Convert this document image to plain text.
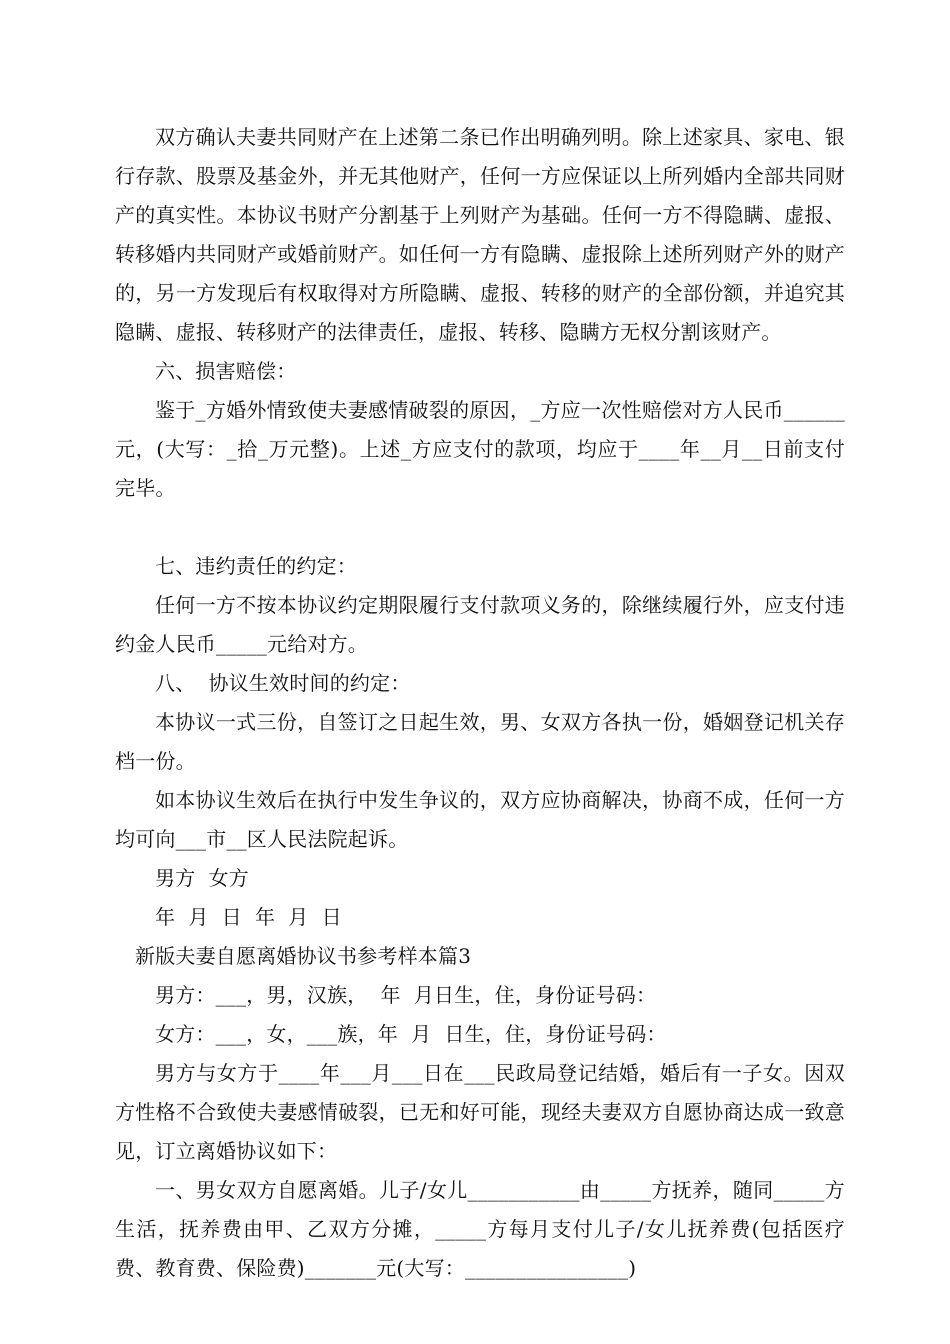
双方确认夫妻共同财产在上述第二条已作出明确列明。除上述家具、家电、银行存款、股票及基金外，并无其他财产，任何一方应保证以上所列婚内全部共同财产的真实性。本协议书财产分割基于上列财产为基础。任何一方不得隐瞒、虚报、转移婚内共同财产或婚前财产。如任何一方有隐瞒、虚报除上述所列财产外的财产的，另一方发现后有权取得对方所隐瞒、虚报、转移的财产的全部份额，并追究其隐瞒、虚报、转移财产的法律责任，虚报、转移、隐瞒方无权分割该财产。

六、损害赔偿：

鉴于_方婚外情致使夫妻感情破裂的原因，_方应一次性赔偿对方人民币______元，(大写：_拾_万元整)。上述_方应支付的款项，均应于____年__月__日前支付完毕。

七、违约责任的约定：

任何一方不按本协议约定期限履行支付款项义务的，除继续履行外，应支付违约金人民币_____元给对方。

八、  协议生效时间的约定：

本协议一式三份，自签订之日起生效，男、女双方各执一份，婚姻登记机关存档一份。

如本协议生效后在执行中发生争议的，双方应协商解决，协商不成，任何一方均可向___市__区人民法院起诉。

男方  女方

年  月  日  年  月  日

新版夫妻自愿离婚协议书参考样本篇3

男方：___，男，汉族，  年  月日生，住，身份证号码：

女方：___，女，___族，年  月  日生，住，身份证号码：

男方与女方于____年___月___日在___民政局登记结婚，婚后有一子女。因双方性格不合致使夫妻感情破裂，已无和好可能，现经夫妻双方自愿协商达成一致意见，订立离婚协议如下：

一、男女双方自愿离婚。儿子/女儿___________由_____方抚养，随同_____方生活，抚养费由甲、乙双方分摊，_____方每月支付儿子/女儿抚养费(包括医疗费、教育费、保险费)_______元(大写：________________)
